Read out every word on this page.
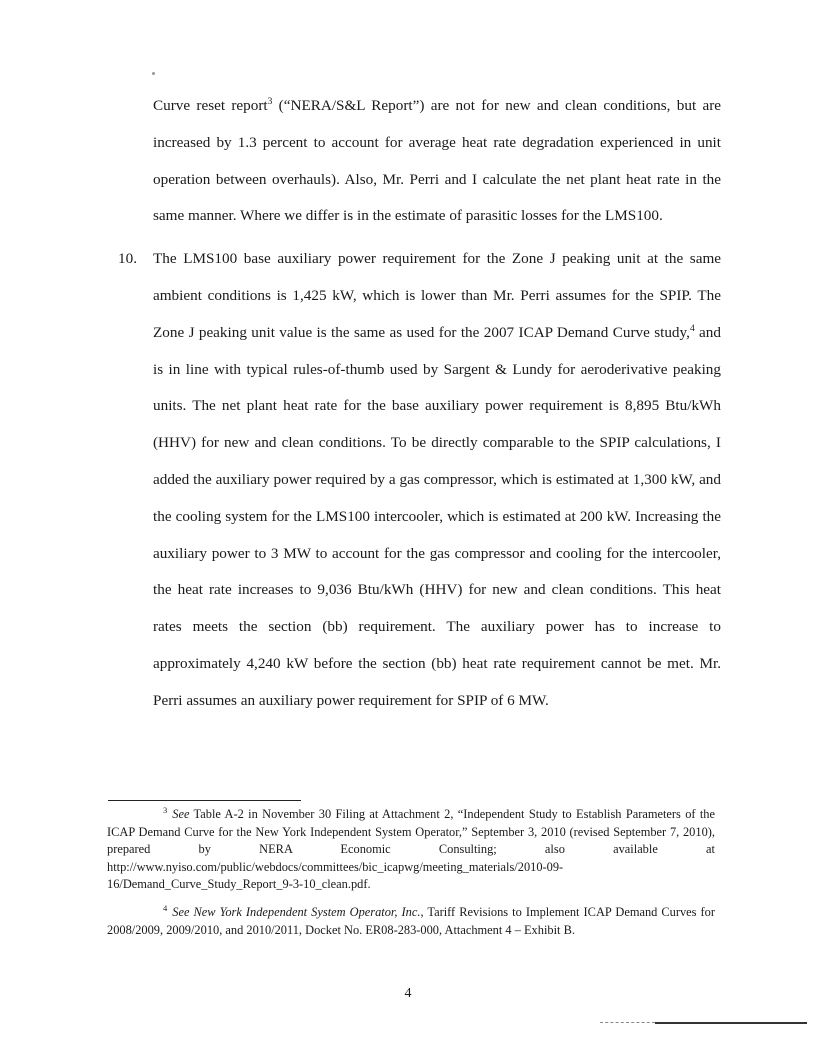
Curve reset report$^3$ (“NERA/S&L Report”) are not for new and clean conditions, but are increased by 1.3 percent to account for average heat rate degradation experienced in unit operation between overhauls). Also, Mr. Perri and I calculate the net plant heat rate in the same manner. Where we differ is in the estimate of parasitic losses for the LMS100.

10. The LMS100 base auxiliary power requirement for the Zone J peaking unit at the same ambient conditions is 1,425 kW, which is lower than Mr. Perri assumes for the SPIP. The Zone J peaking unit value is the same as used for the 2007 ICAP Demand Curve study,$^4$ and is in line with typical rules-of-thumb used by Sargent & Lundy for aeroderivative peaking units. The net plant heat rate for the base auxiliary power requirement is 8,895 Btu/kWh (HHV) for new and clean conditions. To be directly comparable to the SPIP calculations, I added the auxiliary power required by a gas compressor, which is estimated at 1,300 kW, and the cooling system for the LMS100 intercooler, which is estimated at 200 kW. Increasing the auxiliary power to 3 MW to account for the gas compressor and cooling for the intercooler, the heat rate increases to 9,036 Btu/kWh (HHV) for new and clean conditions. This heat rates meets the section (bb) requirement. The auxiliary power has to increase to approximately 4,240 kW before the section (bb) heat rate requirement cannot be met. Mr. Perri assumes an auxiliary power requirement for SPIP of 6 MW.

$^3$ See Table A-2 in November 30 Filing at Attachment 2, “Independent Study to Establish Parameters of the ICAP Demand Curve for the New York Independent System Operator,” September 3, 2010 (revised September 7, 2010), prepared by NERA Economic Consulting; also available at http://www.nyiso.com/public/webdocs/committees/bic_icapwg/meeting_materials/2010-09-16/Demand_Curve_Study_Report_9-3-10_clean.pdf.

$^4$ See New York Independent System Operator, Inc., Tariff Revisions to Implement ICAP Demand Curves for 2008/2009, 2009/2010, and 2010/2011, Docket No. ER08-283-000, Attachment 4 – Exhibit B.

4
